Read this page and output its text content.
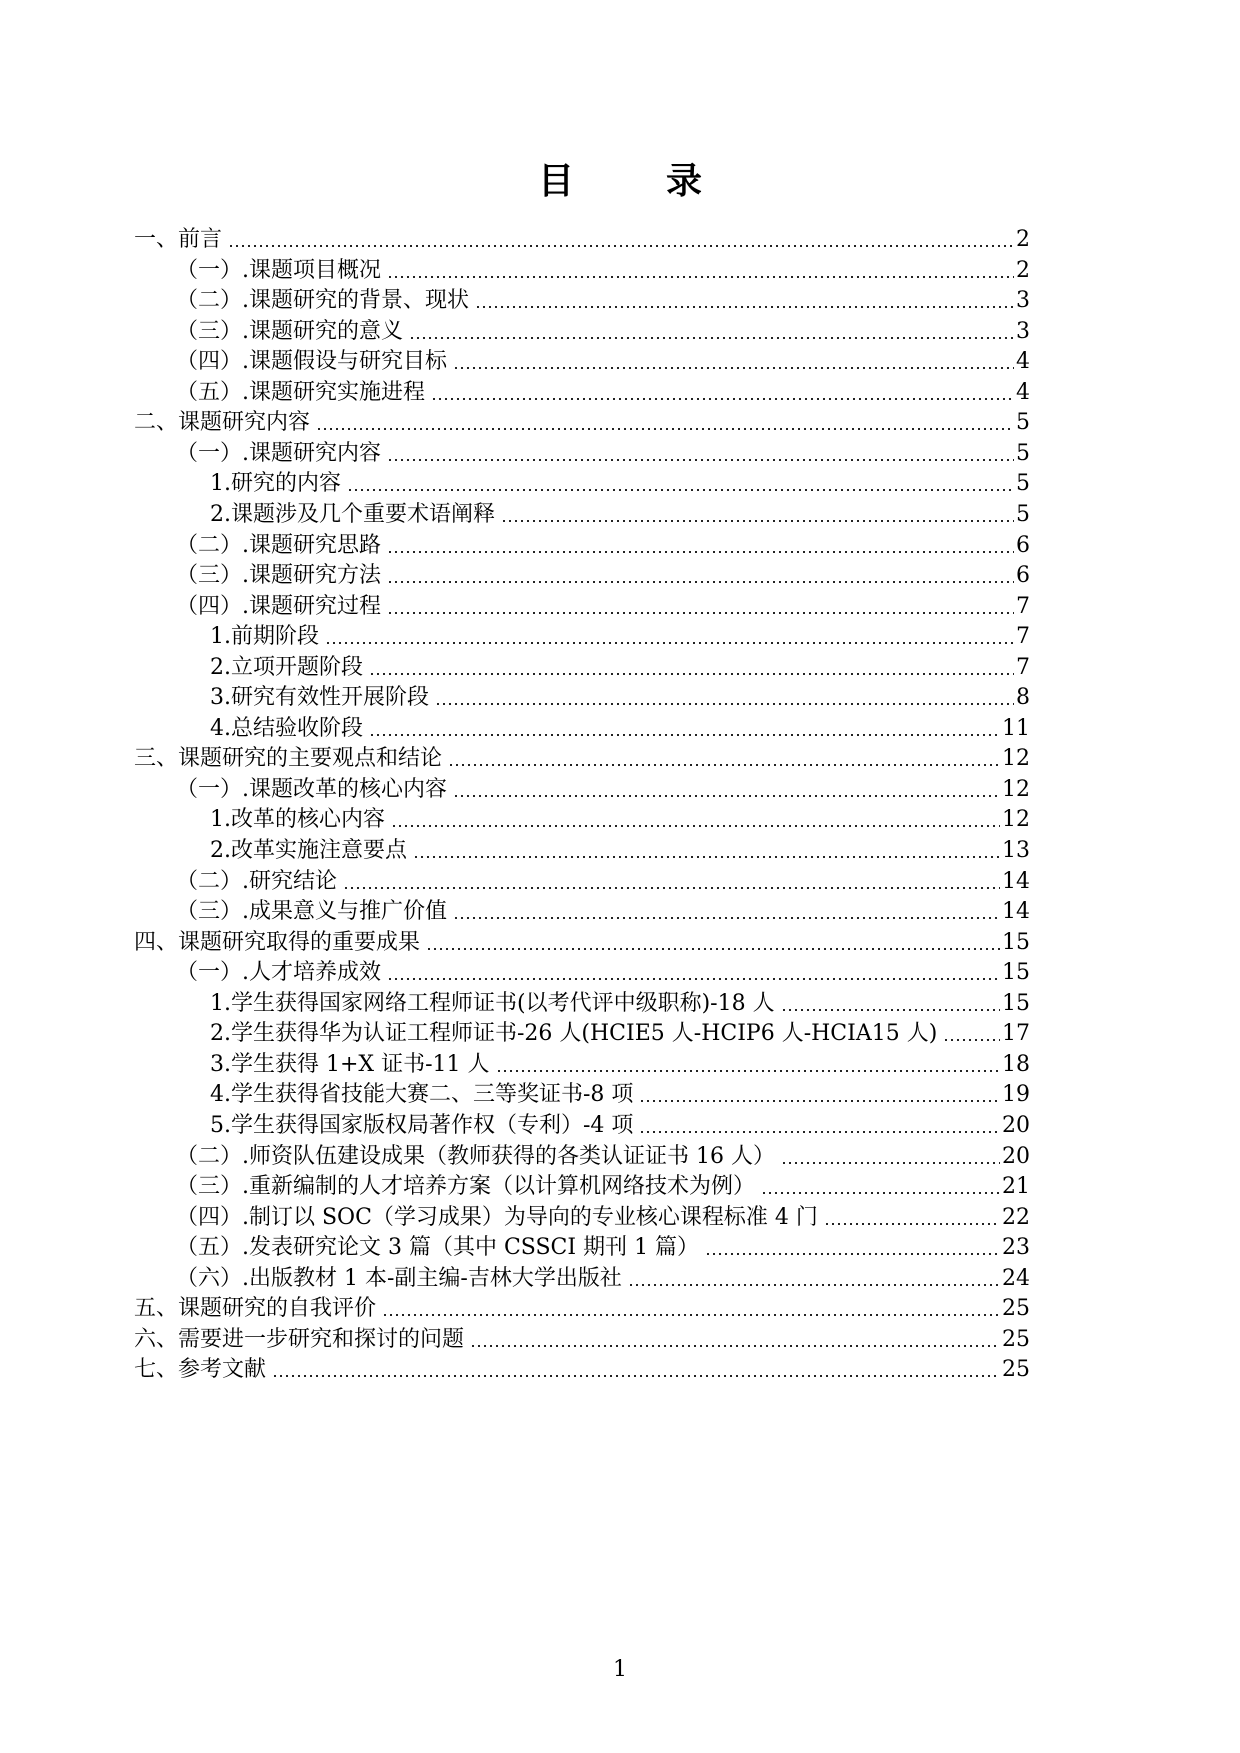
目录
一、前言	2
（一）.课题项目概况	2
（二）.课题研究的背景、现状	3
（三）.课题研究的意义	3
（四）.课题假设与研究目标	4
（五）.课题研究实施进程	4
二、课题研究内容	5
（一）.课题研究内容	5
1.研究的内容	5
2.课题涉及几个重要术语阐释	5
（二）.课题研究思路	6
（三）.课题研究方法	6
（四）.课题研究过程	7
1.前期阶段	7
2.立项开题阶段	7
3.研究有效性开展阶段	8
4.总结验收阶段	11
三、课题研究的主要观点和结论	12
（一）.课题改革的核心内容	12
1.改革的核心内容	12
2.改革实施注意要点	13
（二）.研究结论	14
（三）.成果意义与推广价值	14
四、课题研究取得的重要成果	15
（一）.人才培养成效	15
1.学生获得国家网络工程师证书(以考代评中级职称)-18 人	15
2.学生获得华为认证工程师证书-26 人(HCIE5 人-HCIP6 人-HCIA15 人)	17
3.学生获得 1+X 证书-11 人	18
4.学生获得省技能大赛二、三等奖证书-8 项	19
5.学生获得国家版权局著作权（专利）-4 项	20
（二）.师资队伍建设成果（教师获得的各类认证证书 16 人）	20
（三）.重新编制的人才培养方案（以计算机网络技术为例）	21
（四）.制订以 SOC（学习成果）为导向的专业核心课程标准 4 门	22
（五）.发表研究论文 3 篇（其中 CSSCI 期刊 1 篇）	23
（六）.出版教材 1 本-副主编-吉林大学出版社	24
五、课题研究的自我评价	25
六、需要进一步研究和探讨的问题	25
七、参考文献	25
1
